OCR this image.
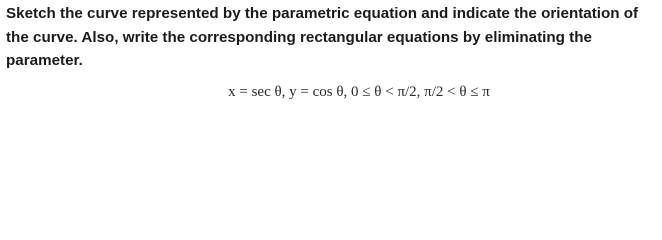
Sketch the curve represented by the parametric equation and indicate the orientation of the curve. Also, write the corresponding rectangular equations by eliminating the parameter.

x = sec θ, y = cos θ, 0 ≤ θ < π/2, π/2 < θ ≤ π
